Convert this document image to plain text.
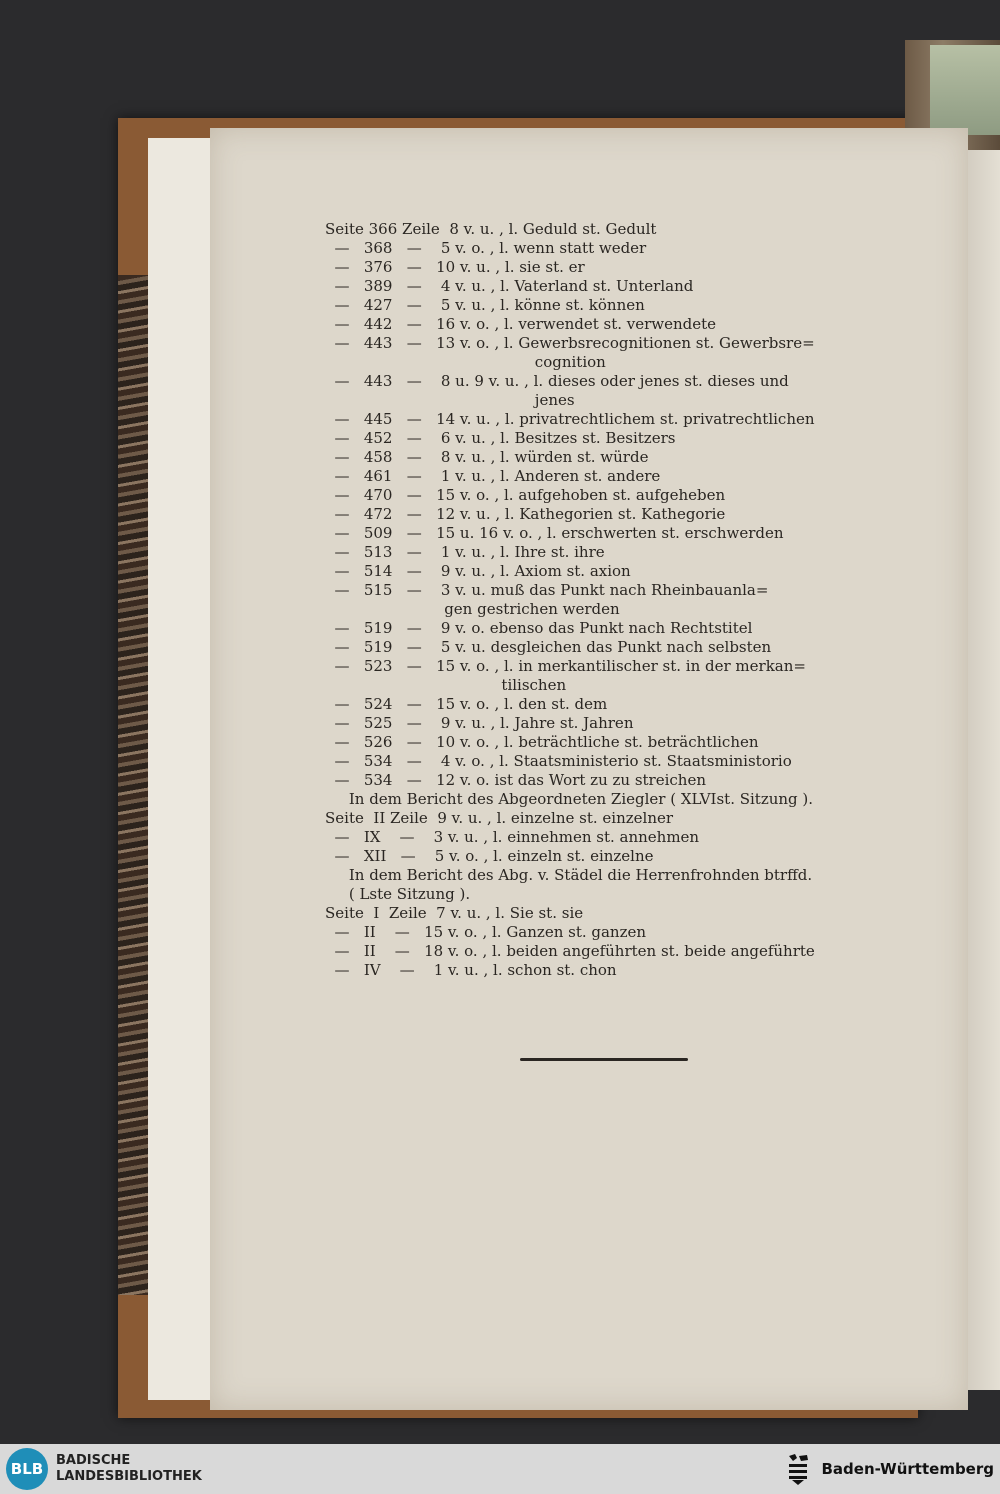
Seite 366 Zeile  8 v. u. , l. Geduld st. Gedult
—   368   —    5 v. o. , l. wenn statt weder
—   376   —   10 v. u. , l. sie st. er
—   389   —    4 v. u. , l. Vaterland st. Unterland
—   427   —    5 v. u. , l. könne st. können
—   442   —   16 v. o. , l. verwendet st. verwendete
—   443   —   13 v. o. , l. Gewerbsrecognitionen st. Gewerbsre=
cognition
—   443   —    8 u. 9 v. u. , l. dieses oder jenes st. dieses und
jenes
—   445   —   14 v. u. , l. privatrechtlichem st. privatrechtlichen
—   452   —    6 v. u. , l. Besitzes st. Besitzers
—   458   —    8 v. u. , l. würden st. würde
—   461   —    1 v. u. , l. Anderen st. andere
—   470   —   15 v. o. , l. aufgehoben st. aufgeheben
—   472   —   12 v. u. , l. Kathegorien st. Kathegorie
—   509   —   15 u. 16 v. o. , l. erschwerten st. erschwerden
—   513   —    1 v. u. , l. Ihre st. ihre
—   514   —    9 v. u. , l. Axiom st. axion
—   515   —    3 v. u. muß das Punkt nach Rheinbauanla=
gen gestrichen werden
—   519   —    9 v. o. ebenso das Punkt nach Rechtstitel
—   519   —    5 v. u. desgleichen das Punkt nach selbsten
—   523   —   15 v. o. , l. in merkantilischer st. in der merkan=
tilischen
—   524   —   15 v. o. , l. den st. dem
—   525   —    9 v. u. , l. Jahre st. Jahren
—   526   —   10 v. o. , l. beträchtliche st. beträchtlichen
—   534   —    4 v. o. , l. Staatsministerio st. Staatsministorio
—   534   —   12 v. o. ist das Wort zu zu streichen
In dem Bericht des Abgeordneten Ziegler ( XLVIst. Sitzung ).
Seite  II Zeile  9 v. u. , l. einzelne st. einzelner
—   IX    —    3 v. u. , l. einnehmen st. annehmen
—   XII   —    5 v. o. , l. einzeln st. einzelne
In dem Bericht des Abg. v. Städel die Herrenfrohnden btrffd.
( Lste Sitzung ).
Seite  I  Zeile  7 v. u. , l. Sie st. sie
—   II    —   15 v. o. , l. Ganzen st. ganzen
—   II    —   18 v. o. , l. beiden angeführten st. beide angeführte
—   IV    —    1 v. u. , l. schon st. chon
BLB BADISCHE
LANDESBIBLIOTHEK	Baden-Württemberg
